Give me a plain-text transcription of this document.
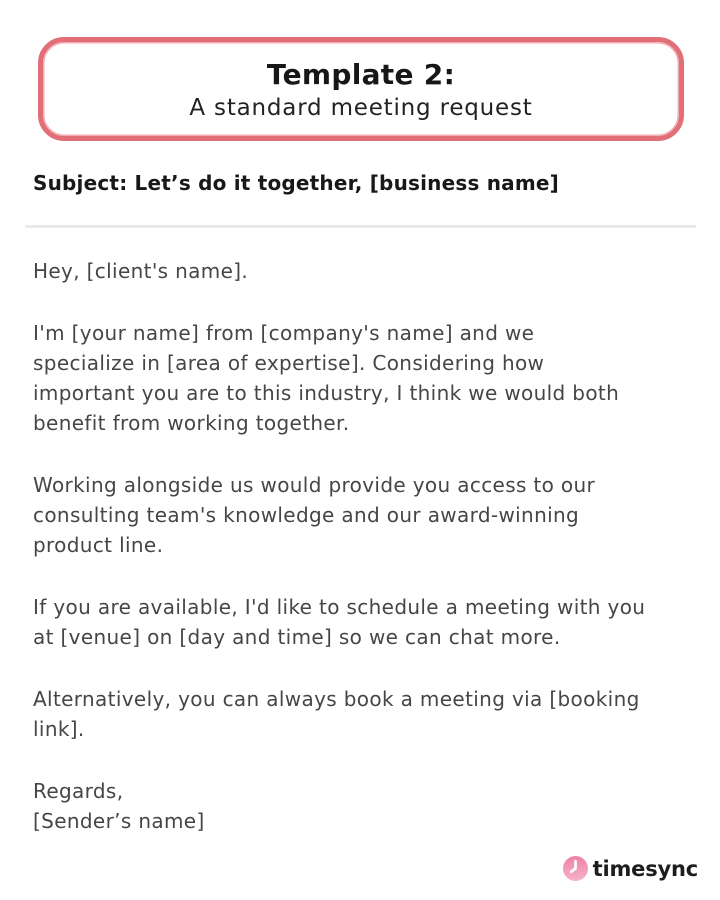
Template 2:
A standard meeting request
Subject: Let’s do it together, [business name]

Hey, [client's name].

I'm [your name] from [company's name] and we
specialize in [area of expertise]. Considering how
important you are to this industry, I think we would both
benefit from working together.

Working alongside us would provide you access to our
consulting team's knowledge and our award-winning
product line.

If you are available, I'd like to schedule a meeting with you
at [venue] on [day and time] so we can chat more.

Alternatively, you can always book a meeting via [booking
link].

Regards,
[Sender’s name]

timesync
